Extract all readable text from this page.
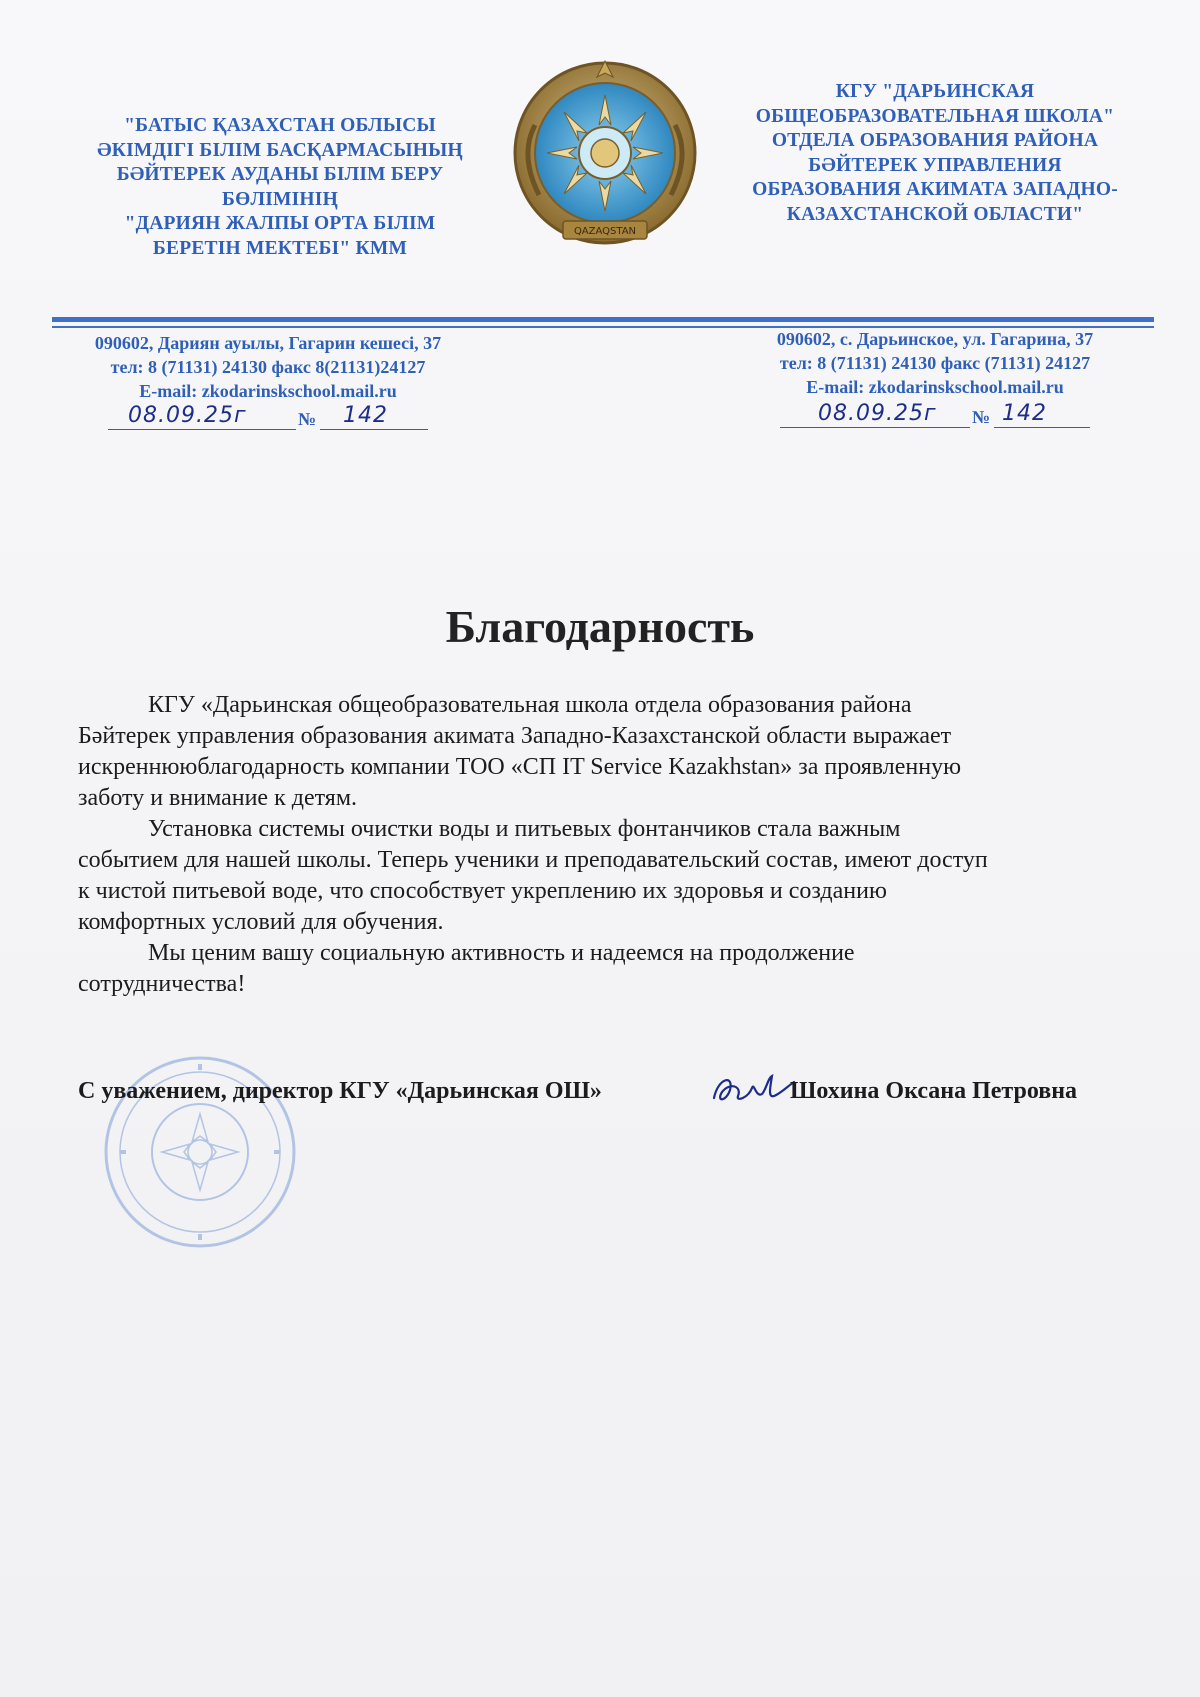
"БАТЫС ҚАЗАХСТАН ОБЛЫСЫ
ӘКІМДІГІ БІЛІМ БАСҚАРМАСЫНЫҢ
БӘЙТЕРЕК АУДАНЫ БІЛІМ БЕРУ
БӨЛІМІНІҢ
"ДАРИЯН ЖАЛПЫ ОРТА БІЛІМ
БЕРЕТІН МЕКТЕБІ" КММ
QAZAQSTAN
КГУ "ДАРЬИНСКАЯ
ОБЩЕОБРАЗОВАТЕЛЬНАЯ ШКОЛА"
ОТДЕЛА ОБРАЗОВАНИЯ РАЙОНА
БӘЙТЕРЕК УПРАВЛЕНИЯ
ОБРАЗОВАНИЯ АКИМАТА ЗАПАДНО-
КАЗАХСТАНСКОЙ ОБЛАСТИ"
090602, Дариян ауылы, Гагарин кешесі, 37
тел: 8 (71131) 24130 факс 8(21131)24127
E-mail: zkodarinskschool.mail.ru
090602, с. Дарьинское, ул. Гагарина, 37
тел: 8 (71131) 24130 факс (71131) 24127
E-mail: zkodarinskschool.mail.ru
08.09.25г	№ 142	08.09.25г № 142
Благодарность

КГУ «Дарьинская общеобразовательная школа отдела образования района
Бәйтерек управления образования акимата Западно-Казахстанской области выражает
искреннююблагодарность компании ТОО «СП IT Service Kazakhstan» за проявленную
заботу и внимание к детям.

Установка системы очистки воды и питьевых фонтанчиков стала важным
событием для нашей школы. Теперь ученики и преподавательский состав, имеют доступ
к чистой питьевой воде, что способствует укреплению их здоровья и созданию
комфортных условий для обучения.

Мы ценим вашу социальную активность и надеемся на продолжение
сотрудничества!

С уважением, директор КГУ «Дарьинская ОШ»	Шохина Оксана Петровна
